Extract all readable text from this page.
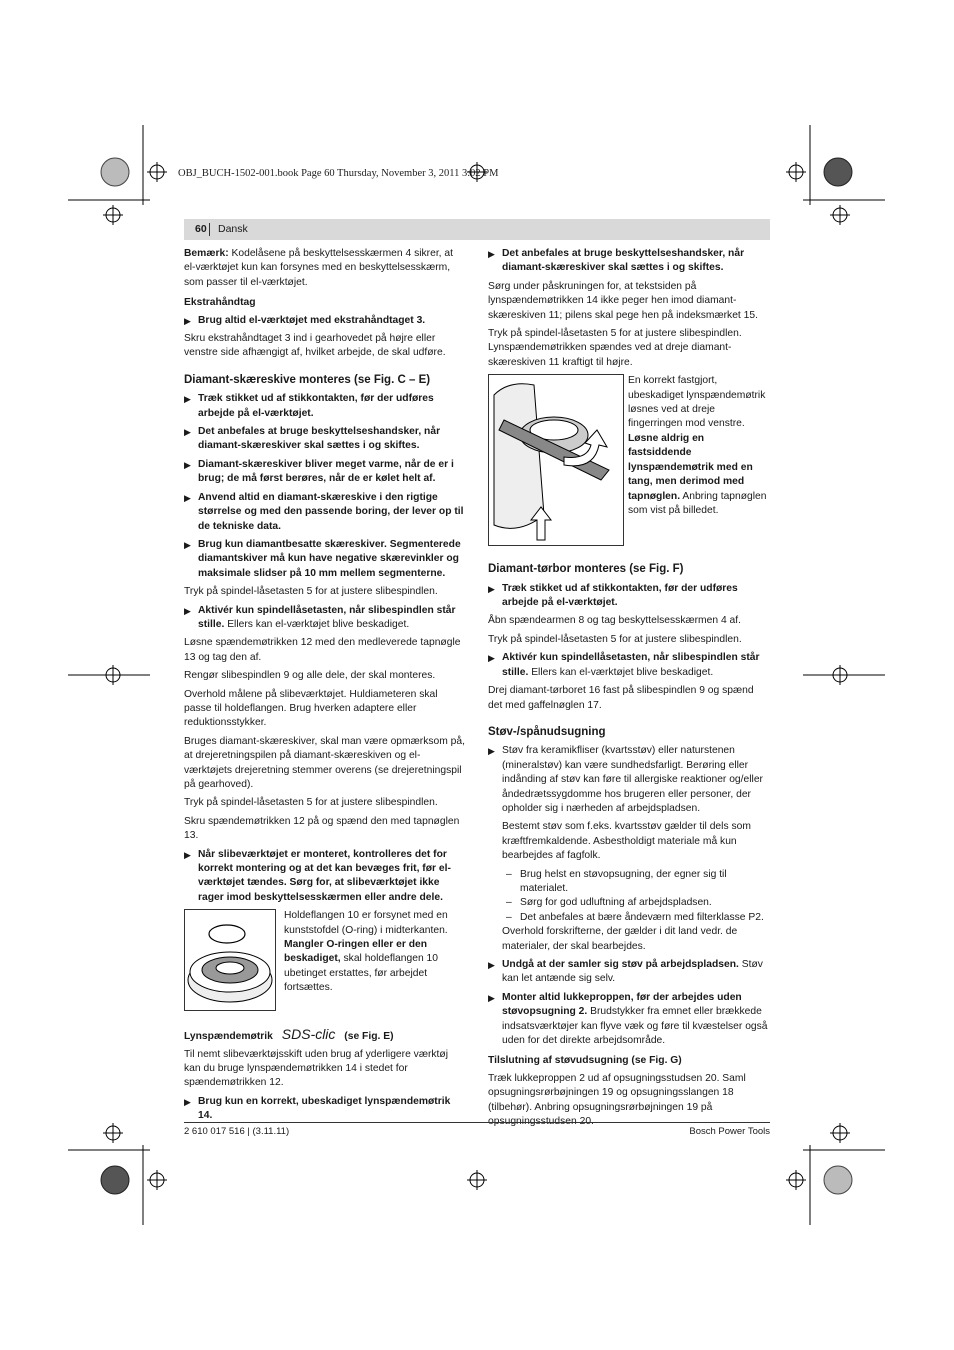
OBJ_BUCH-1502-001.book Page 60 Thursday, November 3, 2011 3:02 PM
60 Dansk

Bemærk: Kodelåsene på beskyttelsesskærmen 4 sikrer, at el-værktøjet kun kan forsynes med en beskyttelsesskærm, som passer til el-værktøjet.

Ekstrahåndtag
▶ Brug altid el-værktøjet med ekstrahåndtaget 3.

Skru ekstrahåndtaget 3 ind i gearhovedet på højre eller venstre side afhængigt af, hvilket arbejde, de skal udføre.

Diamant-skæreskive monteres (se Fig. C – E)
▶ Træk stikket ud af stikkontakten, før der udføres arbejde på el-værktøjet.
▶ Det anbefales at bruge beskyttelseshandsker, når diamant-skæreskiver skal sættes i og skiftes.
▶ Diamant-skæreskiver bliver meget varme, når de er i brug; de må først berøres, når de er kølet helt af.
▶ Anvend altid en diamant-skæreskive i den rigtige størrelse og med den passende boring, der lever op til de tekniske data.
▶ Brug kun diamantbesatte skæreskiver. Segmenterede diamantskiver må kun have negative skærevinkler og maksimale slidser på 10 mm mellem segmenterne.

Tryk på spindel-låsetasten 5 for at justere slibespindlen.

▶ Aktivér kun spindellåsetasten, når slibespindlen står stille. Ellers kan el-værktøjet blive beskadiget.

Løsne spændemøtrikken 12 med den medleverede tapnøgle 13 og tag den af.

Rengør slibespindlen 9 og alle dele, der skal monteres.

Overhold målene på slibeværktøjet. Huldiameteren skal passe til holdeflangen. Brug hverken adaptere eller reduktionsstykker.

Bruges diamant-skæreskiver, skal man være opmærksom på, at drejeretningspilen på diamant-skæreskiven og el-værktøjets drejeretning stemmer overens (se drejeretningspil på gearhoved).

Tryk på spindel-låsetasten 5 for at justere slibespindlen.

Skru spændemøtrikken 12 på og spænd den med tapnøglen 13.

▶ Når slibeværktøjet er monteret, kontrolleres det for korrekt montering og at det kan bevæges frit, før el-værktøjet tændes. Sørg for, at slibeværktøjet ikke rager imod beskyttelsesskærmen eller andre dele.
Holdeflangen 10 er forsynet med en kunststofdel (O-ring) i midterkanten. Mangler O-ringen eller er den beskadiget, skal holdeflangen 10 ubetinget erstattes, før arbejdet fortsættes.
Lynspændemøtrik SDS-clic (se Fig. E)

Til nemt slibeværktøjsskift uden brug af yderligere værktøj kan du bruge lynspændemøtrikken 14 i stedet for spændemøtrikken 12.

▶ Brug kun en korrekt, ubeskadiget lynspændemøtrik 14.
▶ Det anbefales at bruge beskyttelseshandsker, når diamant-skæreskiver skal sættes i og skiftes.

Sørg under påskruningen for, at tekstsiden på lynspændemøtrikken 14 ikke peger hen imod diamant-skæreskiven 11; pilens skal pege hen på indeksmærket 15.

Tryk på spindel-låsetasten 5 for at justere slibespindlen. Lynspændemøtrikken spændes ved at dreje diamant-skæreskiven 11 kraftigt til højre.

En korrekt fastgjort, ubeskadiget lynspændemøtrik løsnes ved at dreje fingerringen mod venstre. Løsne aldrig en fastsiddende lynspændemøtrik med en tang, men derimod med tapnøglen. Anbring tapnøglen som vist på billedet.
Diamant-tørbor monteres (se Fig. F)
▶ Træk stikket ud af stikkontakten, før der udføres arbejde på el-værktøjet.

Åbn spændearmen 8 og tag beskyttelsesskærmen 4 af.

Tryk på spindel-låsetasten 5 for at justere slibespindlen.

▶ Aktivér kun spindellåsetasten, når slibespindlen står stille. Ellers kan el-værktøjet blive beskadiget.

Drej diamant-tørboret 16 fast på slibespindlen 9 og spænd det med gaffelnøglen 17.

Støv-/spånudsugning
▶ Støv fra keramikfliser (kvartsstøv) eller naturstenen (mineralstøv) kan være sundhedsfarligt. Berøring eller indånding af støv kan føre til allergiske reaktioner og/eller åndedrætssygdomme hos brugeren eller personer, der opholder sig i nærheden af arbejdspladsen.

Bestemt støv som f.eks. kvartsstøv gælder til dels som kræftfremkaldende. Asbestholdigt materiale må kun bearbejdes af fagfolk.

– Brug helst en støvopsugning, der egner sig til materialet.
– Sørg for god udluftning af arbejdspladsen.
– Det anbefales at bære åndeværn med filterklasse P2.

Overhold forskrifterne, der gælder i dit land vedr. de materialer, der skal bearbejdes.

▶ Undgå at der samler sig støv på arbejdspladsen. Støv kan let antænde sig selv.
▶ Monter altid lukkeproppen, før der arbejdes uden støvopsugning 2. Brudstykker fra emnet eller brækkede indsatsværktøjer kan flyve væk og føre til kvæstelser også uden for det direkte arbejdsområde.
Tilslutning af støvudsugning (se Fig. G)

Træk lukkeproppen 2 ud af opsugningsstudsen 20. Saml opsugningsrørbøjningen 19 og opsugningsslangen 18 (tilbehør). Anbring opsugningsrørbøjningen 19 på

2 610 017 516 | (3.11.11)	Bosch Power Tools
